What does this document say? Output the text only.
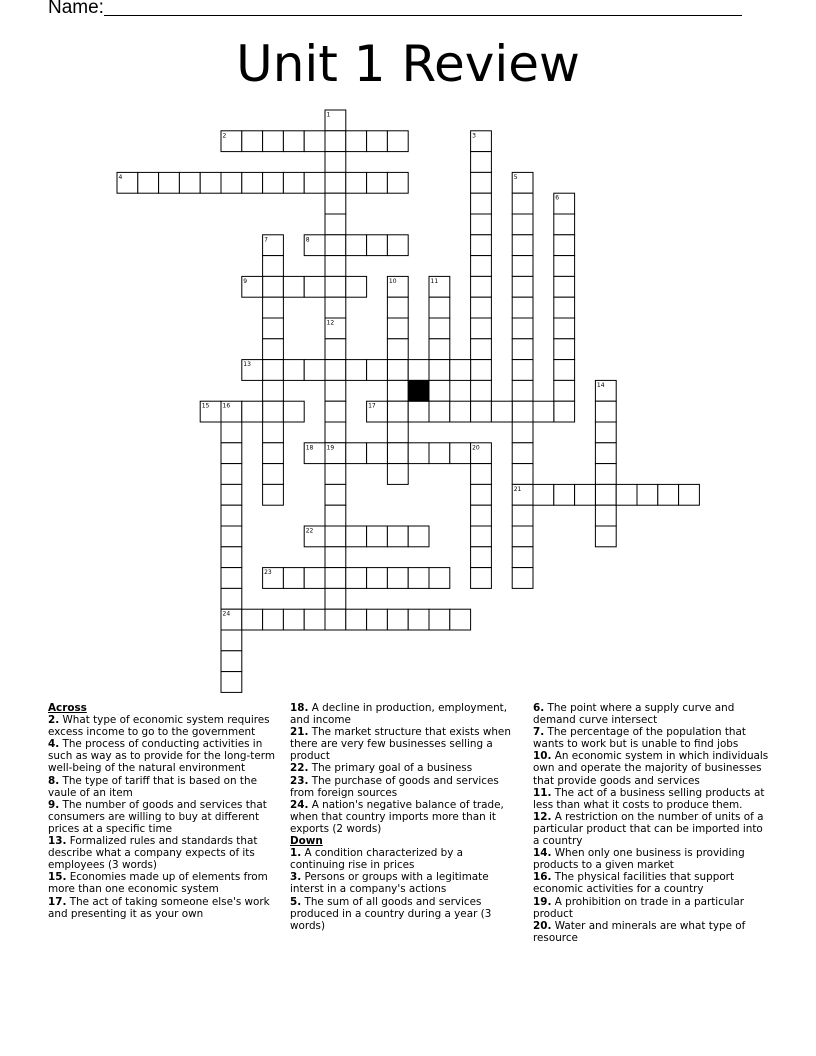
Name:
Unit 1 Review
1
2	3
4	5
6
7	8
9	10	11
12
13
14
15 16	17
18 19	20
21
22
23
24
Across
2. What type of economic system requires excess income to go to the government
4. The process of conducting activities in such as way as to provide for the long-term well-being of the natural environment
8. The type of tariff that is based on the vaule of an item
9. The number of goods and services that consumers are willing to buy at different prices at a specific time
13. Formalized rules and standards that describe what a company expects of its employees (3 words)
15. Economies made up of elements from more than one economic system
17. The act of taking someone else's work and presenting it as your own
18. A decline in production, employment, and income
21. The market structure that exists when there are very few businesses selling a product
22. The primary goal of a business
23. The purchase of goods and services from foreign sources
24. A nation's negative balance of trade, when that country imports more than it exports (2 words)
Down
1. A condition characterized by a continuing rise in prices
3. Persons or groups with a legitimate interst in a company's actions
5. The sum of all goods and services produced in a country during a year (3 words)
6. The point where a supply curve and demand curve intersect
7. The percentage of the population that wants to work but is unable to find jobs
10. An economic system in which individuals own and operate the majority of businesses that provide goods and services
11. The act of a business selling products at less than what it costs to produce them.
12. A restriction on the number of units of a particular product that can be imported into a country
14. When only one business is providing products to a given market
16. The physical facilities that support economic activities for a country
19. A prohibition on trade in a particular product
20. Water and minerals are what type of resource
